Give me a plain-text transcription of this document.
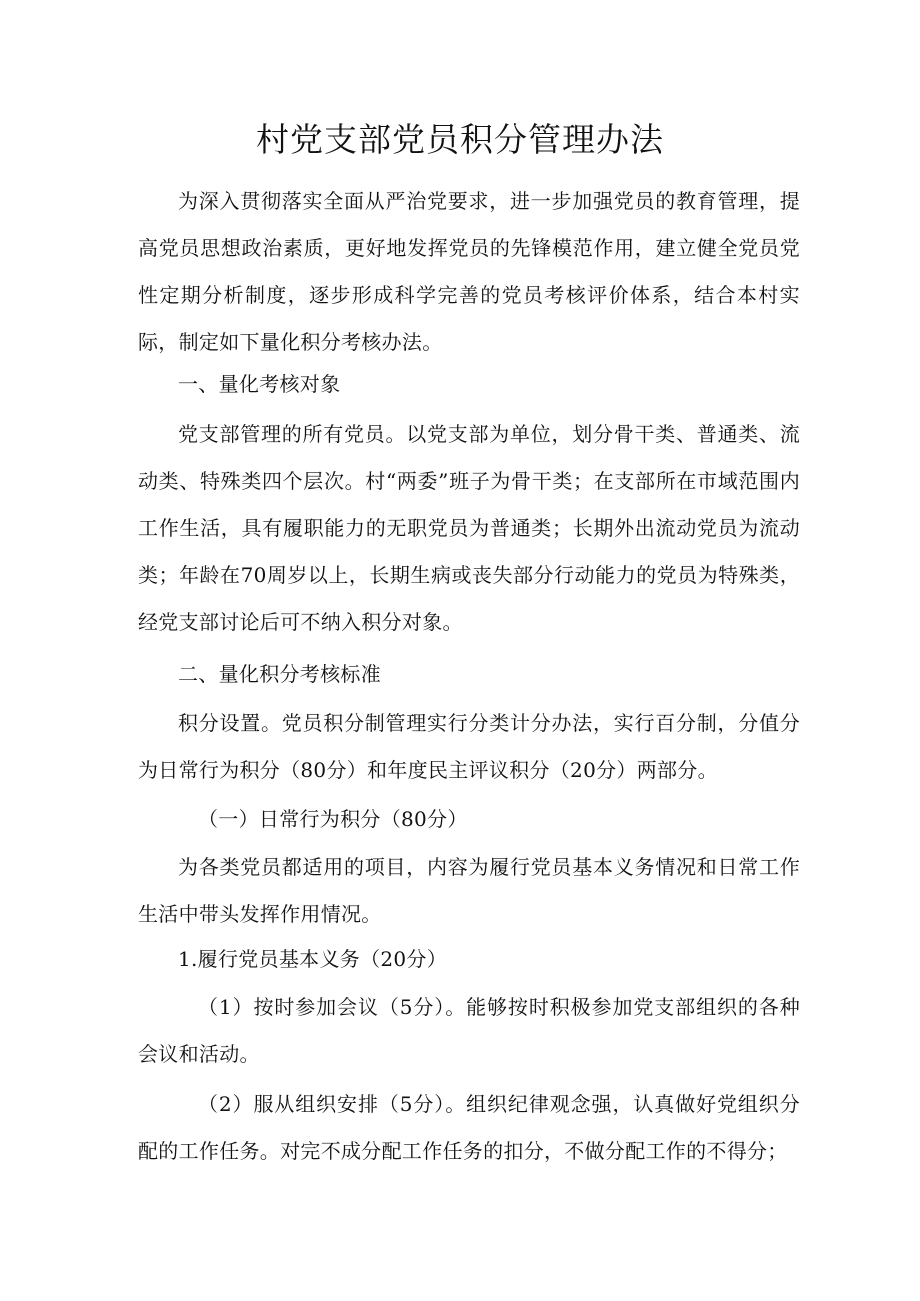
村党支部党员积分管理办法

为深入贯彻落实全面从严治党要求，进一步加强党员的教育管理，提高党员思想政治素质，更好地发挥党员的先锋模范作用，建立健全党员党性定期分析制度，逐步形成科学完善的党员考核评价体系，结合本村实际，制定如下量化积分考核办法。

一、量化考核对象

党支部管理的所有党员。以党支部为单位，划分骨干类、普通类、流动类、特殊类四个层次。村“两委”班子为骨干类；在支部所在市域范围内工作生活，具有履职能力的无职党员为普通类；长期外出流动党员为流动类；年龄在70周岁以上，长期生病或丧失部分行动能力的党员为特殊类，经党支部讨论后可不纳入积分对象。

二、量化积分考核标准

积分设置。党员积分制管理实行分类计分办法，实行百分制，分值分为日常行为积分（80分）和年度民主评议积分（20分）两部分。

（一）日常行为积分（80分）

为各类党员都适用的项目，内容为履行党员基本义务情况和日常工作生活中带头发挥作用情况。

1.履行党员基本义务（20分）

（1）按时参加会议（5分）。能够按时积极参加党支部组织的各种会议和活动。

（2）服从组织安排（5分）。组织纪律观念强，认真做好党组织分配的工作任务。对完不成分配工作任务的扣分，不做分配工作的不得分；
